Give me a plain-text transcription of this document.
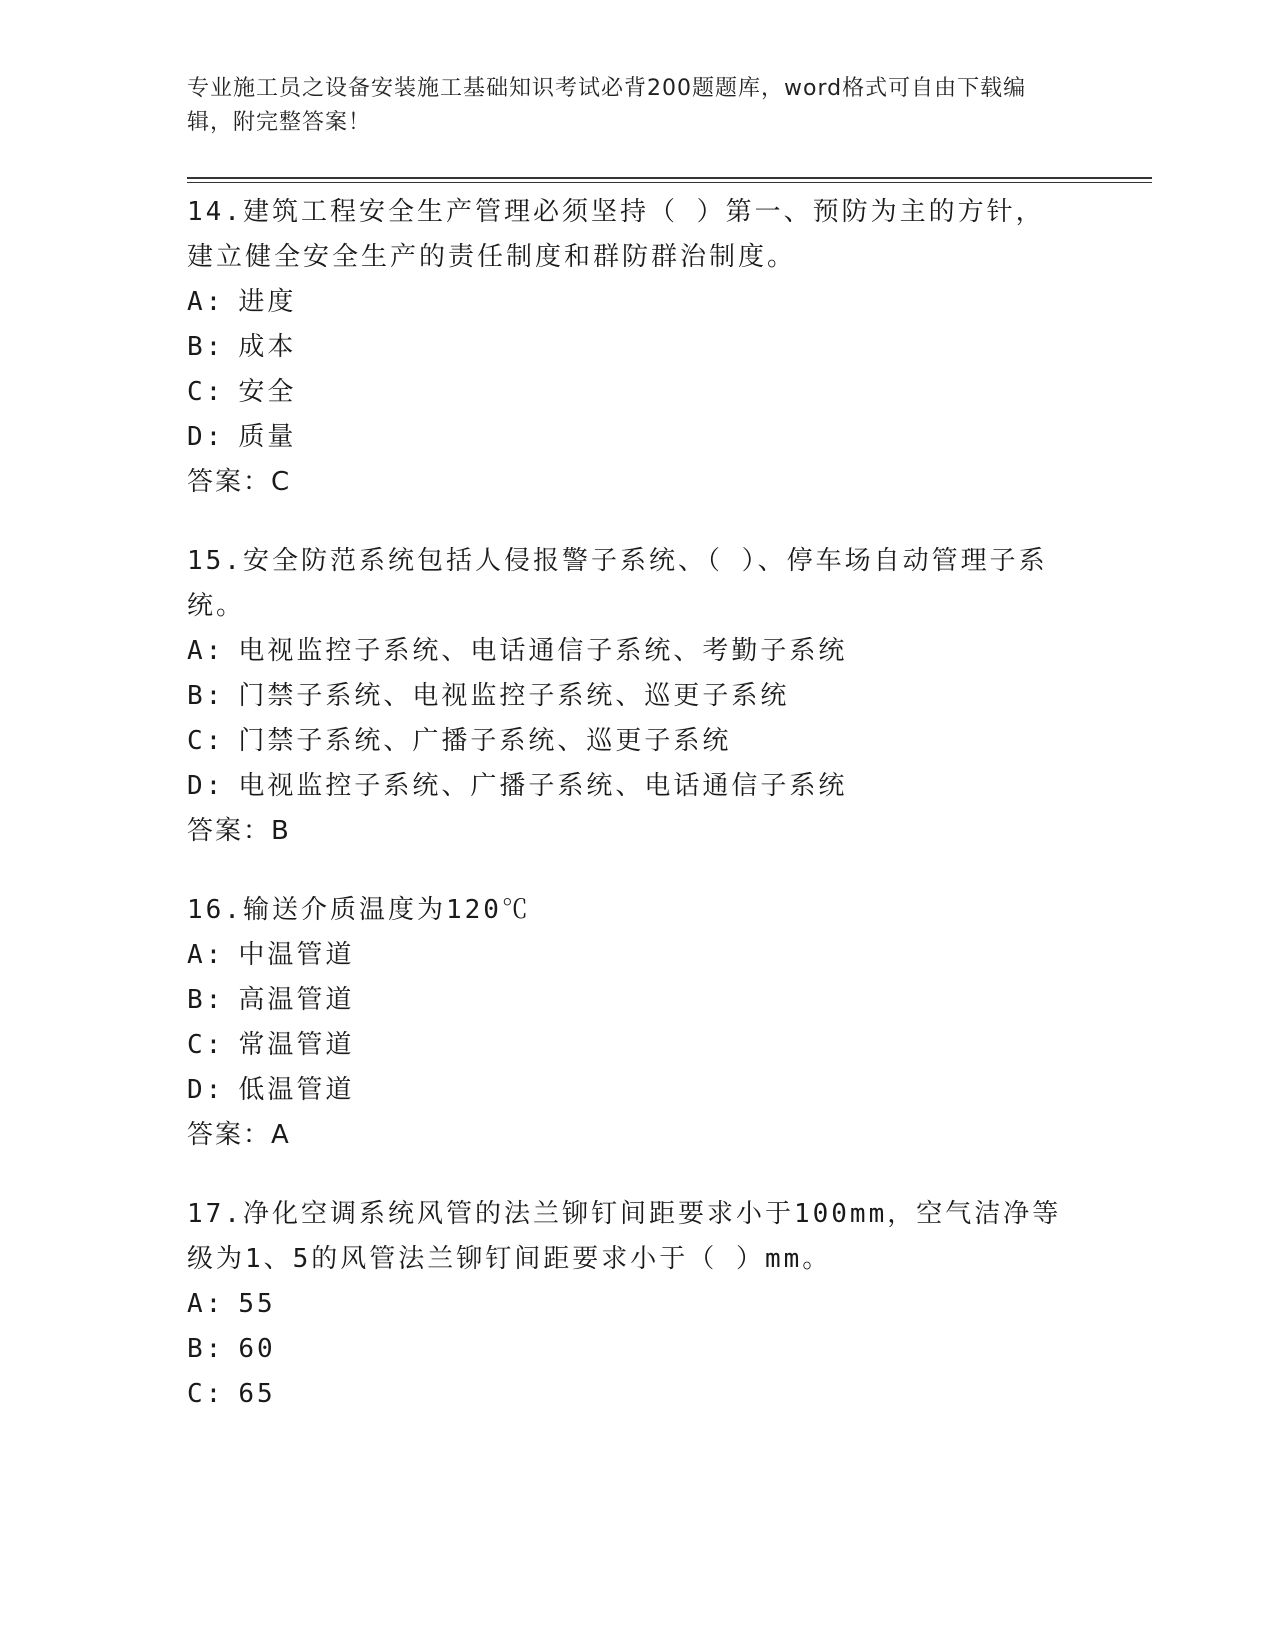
专业施工员之设备安装施工基础知识考试必背200题题库，word格式可自由下载编辑，附完整答案！

14.建筑工程安全生产管理必须坚持（ ）第一、预防为主的方针，建立健全安全生产的责任制度和群防群治制度。

A: 进度

B: 成本

C: 安全

D: 质量

答案：C

15.安全防范系统包括人侵报警子系统、（ ）、停车场自动管理子系统。

A: 电视监控子系统、电话通信子系统、考勤子系统

B: 门禁子系统、电视监控子系统、巡更子系统

C: 门禁子系统、广播子系统、巡更子系统

D: 电视监控子系统、广播子系统、电话通信子系统

答案：B

16.输送介质温度为120℃

A: 中温管道

B: 高温管道

C: 常温管道

D: 低温管道

答案：A

17.净化空调系统风管的法兰铆钉间距要求小于100mm，空气洁净等级为1、5的风管法兰铆钉间距要求小于（ ）mm。

A: 55

B: 60

C: 65
